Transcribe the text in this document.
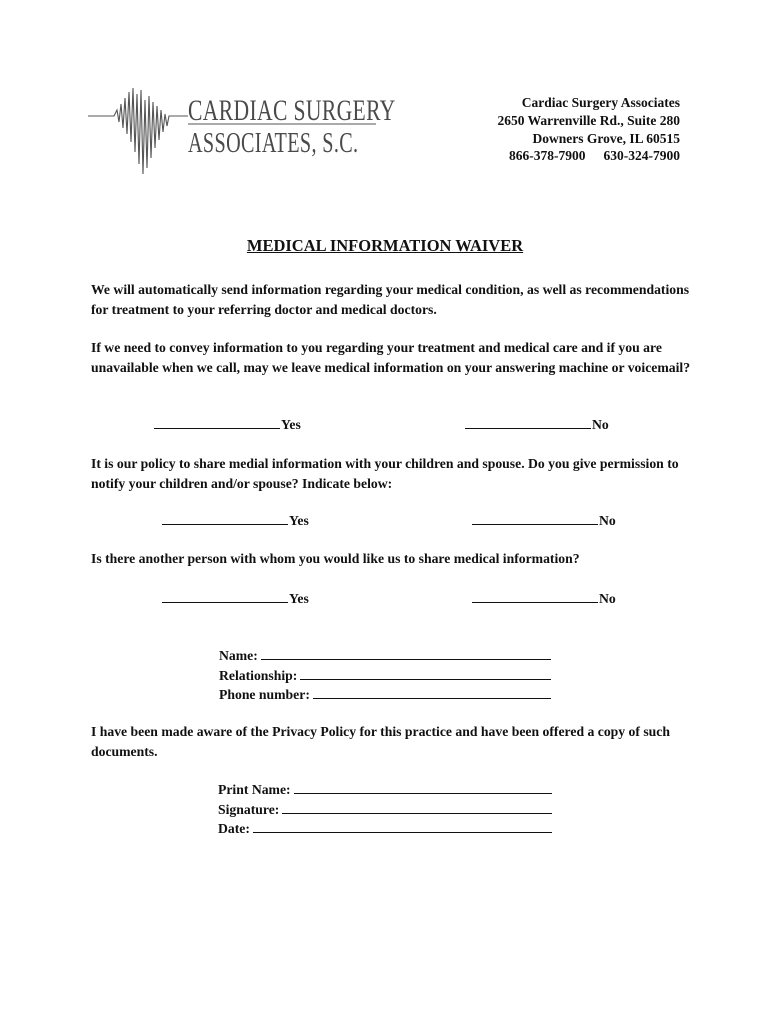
CARDIAC SURGERY
ASSOCIATES, S.C.
Cardiac Surgery Associates
2650 Warrenville Rd., Suite 280
Downers Grove, IL 60515
866-378-7900 630-324-7900
MEDICAL INFORMATION WAIVER
We will automatically send information regarding your medical condition, as well as recommendations for treatment to your referring doctor and medical doctors.
If we need to convey information to you regarding your treatment and medical care and if you are unavailable when we call, may we leave medical information on your answering machine or voicemail?
Yes	No
It is our policy to share medial information with your children and spouse. Do you give permission to notify your children and/or spouse? Indicate below:
Yes	No
Is there another person with whom you would like us to share medical information?
Yes	No
Name:
Relationship:
Phone number:
I have been made aware of the Privacy Policy for this practice and have been offered a copy of such documents.
Print Name:
Signature:
Date:
